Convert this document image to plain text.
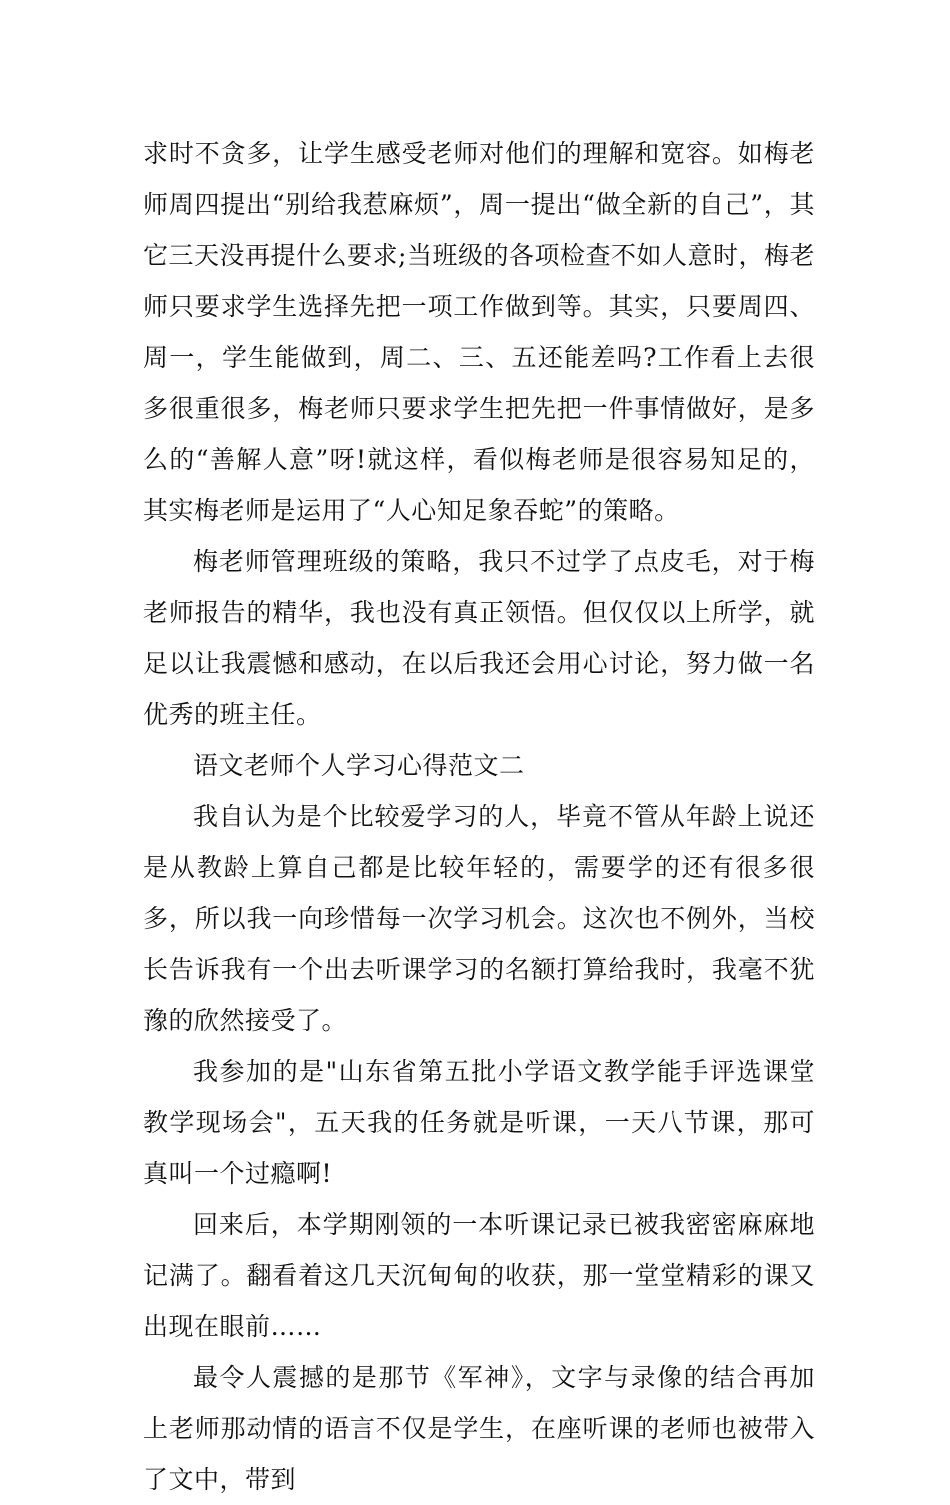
求时不贪多，让学生感受老师对他们的理解和宽容。如梅老师周四提出“别给我惹麻烦”，周一提出“做全新的自己”，其它三天没再提什么要求;当班级的各项检查不如人意时，梅老师只要求学生选择先把一项工作做到等。其实，只要周四、周一，学生能做到，周二、三、五还能差吗?工作看上去很多很重很多，梅老师只要求学生把先把一件事情做好，是多么的“善解人意”呀!就这样，看似梅老师是很容易知足的，其实梅老师是运用了“人心知足象吞蛇”的策略。

梅老师管理班级的策略，我只不过学了点皮毛，对于梅老师报告的精华，我也没有真正领悟。但仅仅以上所学，就足以让我震憾和感动，在以后我还会用心讨论，努力做一名优秀的班主任。

语文老师个人学习心得范文二

我自认为是个比较爱学习的人，毕竟不管从年龄上说还是从教龄上算自己都是比较年轻的，需要学的还有很多很多，所以我一向珍惜每一次学习机会。这次也不例外，当校长告诉我有一个出去听课学习的名额打算给我时，我毫不犹豫的欣然接受了。

我参加的是"山东省第五批小学语文教学能手评选课堂教学现场会"，五天我的任务就是听课，一天八节课，那可真叫一个过瘾啊!

回来后，本学期刚领的一本听课记录已被我密密麻麻地记满了。翻看着这几天沉甸甸的收获，那一堂堂精彩的课又出现在眼前……

最令人震撼的是那节《军神》，文字与录像的结合再加上老师那动情的语言不仅是学生，在座听课的老师也被带入了文中，带到
